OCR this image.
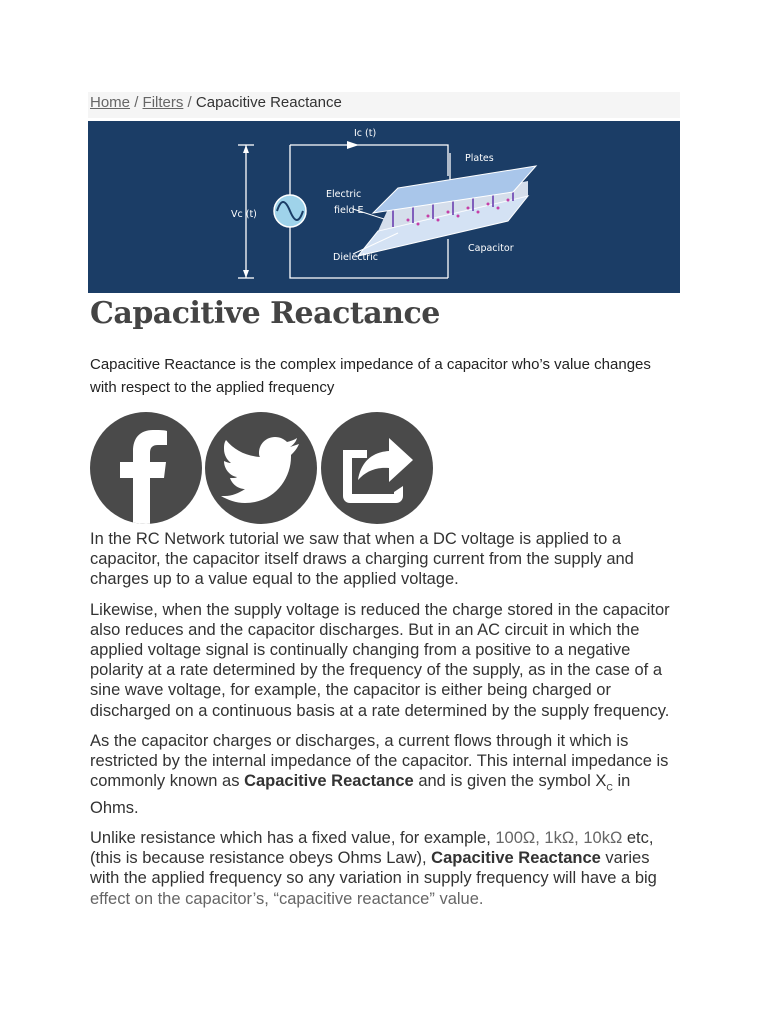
Home / Filters / Capacitive Reactance
Ic (t)
Vc (t)
Plates
Electric
field E
Dielectric
Capacitor
Capacitive Reactance

Capacitive Reactance is the complex impedance of a capacitor who’s value changes with respect to the applied frequency

In the RC Network tutorial we saw that when a DC voltage is applied to a capacitor, the capacitor itself draws a charging current from the supply and charges up to a value equal to the applied voltage.

Likewise, when the supply voltage is reduced the charge stored in the capacitor also reduces and the capacitor discharges. But in an AC circuit in which the applied voltage signal is continually changing from a positive to a negative polarity at a rate determined by the frequency of the supply, as in the case of a sine wave voltage, for example, the capacitor is either being charged or discharged on a continuous basis at a rate determined by the supply frequency.

As the capacitor charges or discharges, a current flows through it which is restricted by the internal impedance of the capacitor. This internal impedance is commonly known as Capacitive Reactance and is given the symbol $X_C$ in Ohms.

Unlike resistance which has a fixed value, for example, 100Ω, 1kΩ, 10kΩ etc, (this is because resistance obeys Ohms Law), Capacitive Reactance varies with the applied frequency so any variation in supply frequency will have a big effect on the capacitor’s, “capacitive reactance” value.
